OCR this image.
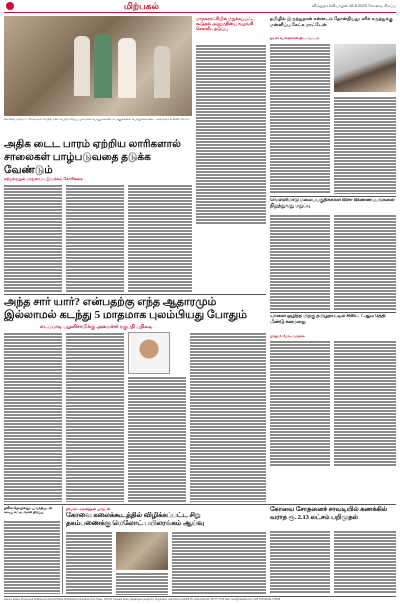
மிற்பகல்	விருதுநகர்வியாழன் 28.8.2025 கோவை சிறப்பு
கோவை மாவட்ட நிர்வாகம் சார்பில் நடைபெற்ற சிறப்பு முகாமில் பொதுமக்களிடம் மனுக்களை பெற்றுக்கொண்ட அமைச்சர் உள்ளிட்டோர்.
மாநகராட்சியில் மறுக்கப்பட்ட கூடுதல் அனுமதியை வழங்கி செலவீட தடுப்பு
அதிக டைட பாரம் ஏற்றிய லாரிகளால் சாலைகள் பாழ்படுவதை தடுக்க வேண்டும்
சுற்றுச்சூழல் பாதுகாப்பு இயக்கம் கோரிக்கை
தமிழில் இருந்துதான் கன்னடம் தோன்றியது: சரிக் கருத்துக்கு மன்னிப்பு கேட்க மாட்டேன்
நடிகர் கமல்ஹாசன் திட்டவட்டம்
வெள்ளிமாடு மலைப்பகுதிக்கான விசா விண்ணப்பங்களை நிறுத்துவது மறுப்பு
அந்த சார் யார்? என்பதற்கு எந்த ஆதாரமும்
இல்லாமல் கடந்து 5 மாதமாக புலம்பியது போதும்
எடப்பாடி பழனிசாமிக்கு அமைச்சர் ரகுபதி பதிலடி
யானை ஒழித்த பிறகு தமிழ்நாட்டில் சிஸ்ட் 7 ஆம் தேதி மீண்டு கனமழை
பிரதமர் மோடி வருகை
நவீன தொழில்நுட்ப வசதியுடன் கூடிய கட்டிடங்கள் திறப்பு
நிர்மலா அரவிந்தன் பாருடன்
கோவை கலைக்கூடத்தில் விழிக்கப்பட்ட சிறு
தகம்பணைக்கு மெலோட் பயிலரங்கம் ஆய்வு
கோவை சோதனைச் சாவடியில் கணக்கில் வராத ரூ. 2.13 லட்சம் பறிமுதல்
Owned, Edited, Printed and Published by MA GOVINDA APPANNAN at Pandiyar Print House, 105/7/8, Kamaraj Road, Nagalingam Nagar Rd, Singanallur, Coimbatore 641005 Ph: 0422-2341212, 9677777766 Mail: news@paadhai.com | RNI TNTAM/2017/74538
